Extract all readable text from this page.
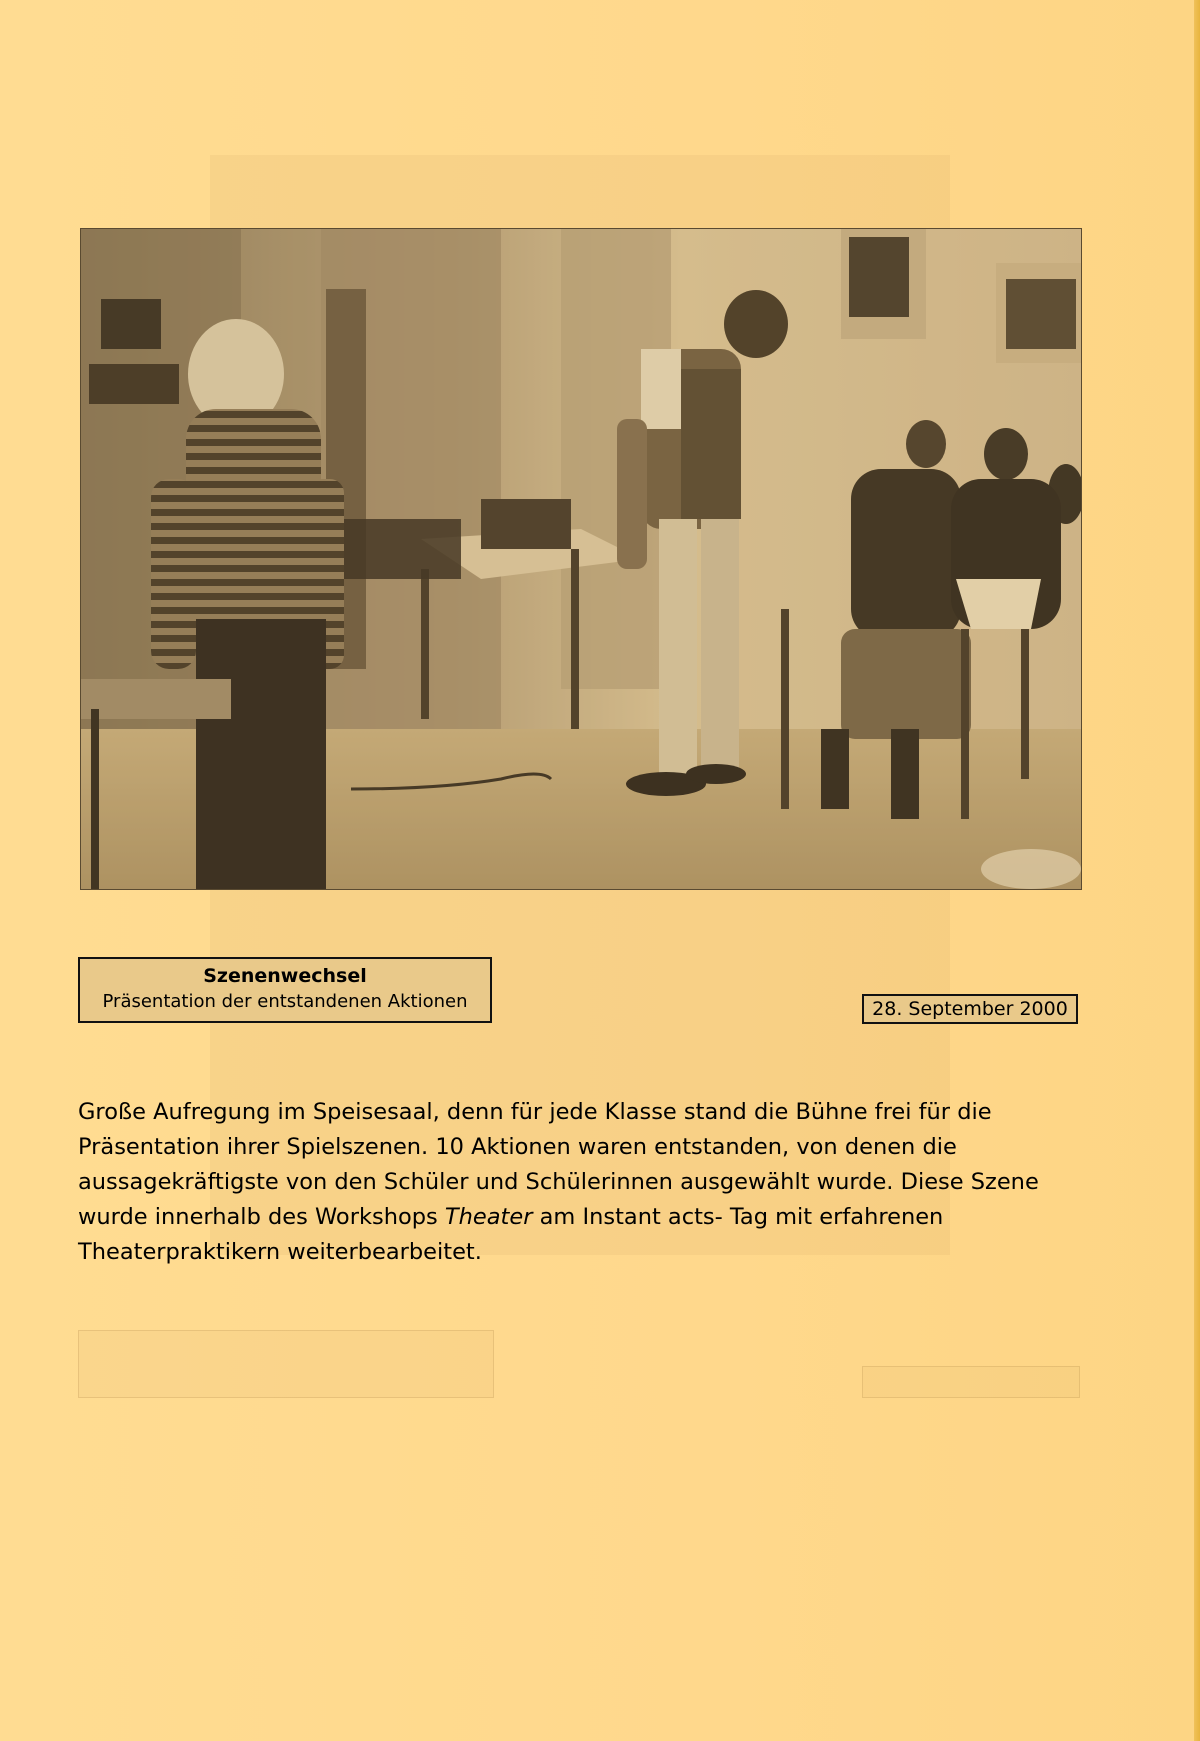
Szenenwechsel
Präsentation der entstandenen Aktionen	28. September 2000
Große Aufregung im Speisesaal, denn für jede Klasse stand die Bühne frei für die
Präsentation ihrer Spielszenen. 10 Aktionen waren entstanden, von denen die
aussagekräftigste von den Schüler und Schülerinnen ausgewählt wurde. Diese Szene
wurde innerhalb des Workshops Theater am Instant acts- Tag mit erfahrenen
Theaterpraktikern weiterbearbeitet.
